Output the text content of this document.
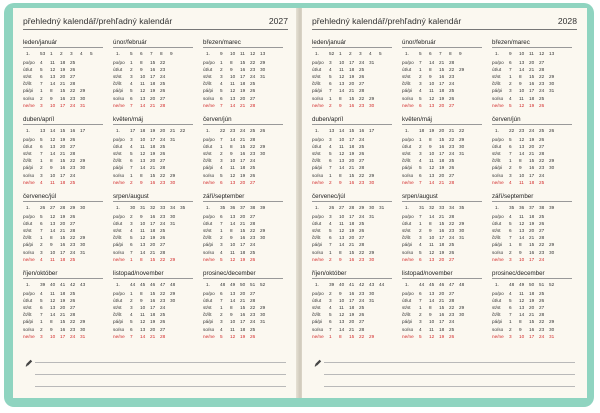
přehledný kalendář/prehľadný kalendár	2027
leden/január
1. 53 1 2 3 4 5
po/po 4 11 18 25
út/ut 5 12 19 26
st/st 6 13 20 27
čt/št 7 14 21 28
pá/pi 1 8 15 22 29
so/so 2 9 16 23 30
ne/ne 3 10 17 24 31
únor/február
1. 5 6 7 8 9
po/po 1 8 15 22
út/ut 2 9 16 23
st/st 3 10 17 24
čt/št 4 11 18 25
pá/pi 5 12 19 26
so/so 6 13 20 27
ne/ne 7 14 21 28
březen/marec
1. 9 10 11 12 13
po/po 1 8 15 22 29
út/ut 2 9 16 23 30
st/st 3 10 17 24 31
čt/št 4 11 18 25
pá/pi 5 12 19 26
so/so 6 13 20 27
ne/ne 7 14 21 28
duben/apríl
1. 13 14 15 16 17
po/po 5 12 19 26
út/ut 6 13 20 27
st/st 7 14 21 28
čt/št 1 8 15 22 29
pá/pi 2 9 16 23 30
so/so 3 10 17 24
ne/ne 4 11 18 25
květen/máj
1. 17 18 19 20 21 22
po/po 3 10 17 24 31
út/ut 4 11 18 25
st/st 5 12 19 26
čt/št 6 13 20 27
pá/pi 7 14 21 28
so/so 1 8 15 22 29
ne/ne 2 9 16 23 30
červen/jún
1. 22 23 24 25 26
po/po 7 14 21 28
út/ut 1 8 15 22 29
st/st 2 9 16 23 30
čt/št 3 10 17 24
pá/pi 4 11 18 25
so/so 5 12 19 26
ne/ne 6 13 20 27
červenec/júl
1. 26 27 28 29 30
po/po 5 12 19 26
út/ut 6 13 20 27
st/st 7 14 21 28
čt/št 1 8 15 22 29
pá/pi 2 9 16 23 30
so/so 3 10 17 24 31
ne/ne 4 11 18 25
srpen/august
1. 30 31 32 33 34 35
po/po 2 9 16 23 30
út/ut 3 10 17 24 31
st/st 4 11 18 25
čt/št 5 12 19 26
pá/pi 6 13 20 27
so/so 7 14 21 28
ne/ne 1 8 15 22 29
září/september
1. 35 36 37 38 39
po/po 6 13 20 27
út/ut 7 14 21 28
st/st 1 8 15 22 29
čt/št 2 9 16 23 30
pá/pi 3 10 17 24
so/so 4 11 18 25
ne/ne 5 12 19 26
říjen/október
1. 39 40 41 42 43
po/po 4 11 18 25
út/ut 5 12 19 26
st/st 6 13 20 27
čt/št 7 14 21 28
pá/pi 1 8 15 22 29
so/so 2 9 16 23 30
ne/ne 3 10 17 24 31
listopad/november
1. 44 45 46 47 48
po/po 1 8 15 22 29
út/ut 2 9 16 23 30
st/st 3 10 17 24
čt/št 4 11 18 25
pá/pi 5 12 19 26
so/so 6 13 20 27
ne/ne 7 14 21 28
prosinec/december
1. 48 49 50 51 52
po/po 6 13 20 27
út/ut 7 14 21 28
st/st 1 8 15 22 29
čt/št 2 9 16 23 30
pá/pi 3 10 17 24 31
so/so 4 11 18 25
ne/ne 5 12 19 26
přehledný kalendář/prehľadný kalendár	2028
leden/január
1. 52 1 2 3 4 5
po/po 3 10 17 24 31
út/ut 4 11 18 25
st/st 5 12 19 26
čt/št 6 13 20 27
pá/pi 7 14 21 28
so/so 1 8 15 22 29
ne/ne 2 9 16 23 30
únor/február
1. 5 6 7 8 9
po/po 7 14 21 28
út/ut 1 8 15 22 29
st/st 2 9 16 23
čt/št 3 10 17 24
pá/pi 4 11 18 25
so/so 5 12 19 26
ne/ne 6 13 20 27
březen/marec
1. 9 10 11 12 13
po/po 6 13 20 27
út/ut 7 14 21 28
st/st 1 8 15 22 29
čt/št 2 9 16 23 30
pá/pi 3 10 17 24 31
so/so 4 11 18 25
ne/ne 5 12 19 26
duben/apríl
1. 13 14 15 16 17
po/po 3 10 17 24
út/ut 4 11 18 25
st/st 5 12 19 26
čt/št 6 13 20 27
pá/pi 7 14 21 28
so/so 1 8 15 22 29
ne/ne 2 9 16 23 30
květen/máj
1. 18 19 20 21 22
po/po 1 8 15 22 29
út/ut 2 9 16 23 30
st/st 3 10 17 24 31
čt/št 4 11 18 25
pá/pi 5 12 19 26
so/so 6 13 20 27
ne/ne 7 14 21 28
červen/jún
1. 22 23 24 25 26
po/po 5 12 19 26
út/ut 6 13 20 27
st/st 7 14 21 28
čt/št 1 8 15 22 29
pá/pi 2 9 16 23 30
so/so 3 10 17 24
ne/ne 4 11 18 25
červenec/júl
1. 26 27 28 29 30 31
po/po 3 10 17 24 31
út/ut 4 11 18 25
st/st 5 12 19 26
čt/št 6 13 20 27
pá/pi 7 14 21 28
so/so 1 8 15 22 29
ne/ne 2 9 16 23 30
srpen/august
1. 31 32 33 34 35
po/po 7 14 21 28
út/ut 1 8 15 22 29
st/st 2 9 16 23 30
čt/št 3 10 17 24 31
pá/pi 4 11 18 25
so/so 5 12 19 26
ne/ne 6 13 20 27
září/september
1. 35 36 37 38 39
po/po 4 11 18 25
út/ut 5 12 19 26
st/st 6 13 20 27
čt/št 7 14 21 28
pá/pi 1 8 15 22 29
so/so 2 9 16 23 30
ne/ne 3 10 17 24
říjen/október
1. 39 40 41 42 43 44
po/po 2 9 16 23 30
út/ut 3 10 17 24 31
st/st 4 11 18 25
čt/št 5 12 19 26
pá/pi 6 13 20 27
so/so 7 14 21 28
ne/ne 1 8 15 22 29
listopad/november
1. 44 45 46 47 48
po/po 6 13 20 27
út/ut 7 14 21 28
st/st 1 8 15 22 29
čt/št 2 9 16 23 30
pá/pi 3 10 17 24
so/so 4 11 18 25
ne/ne 5 12 19 26
prosinec/december
1. 48 49 50 51 52
po/po 4 11 18 25
út/ut 5 12 19 26
st/st 6 13 20 27
čt/št 7 14 21 28
pá/pi 1 8 15 22 29
so/so 2 9 16 23 30
ne/ne 3 10 17 24 31
